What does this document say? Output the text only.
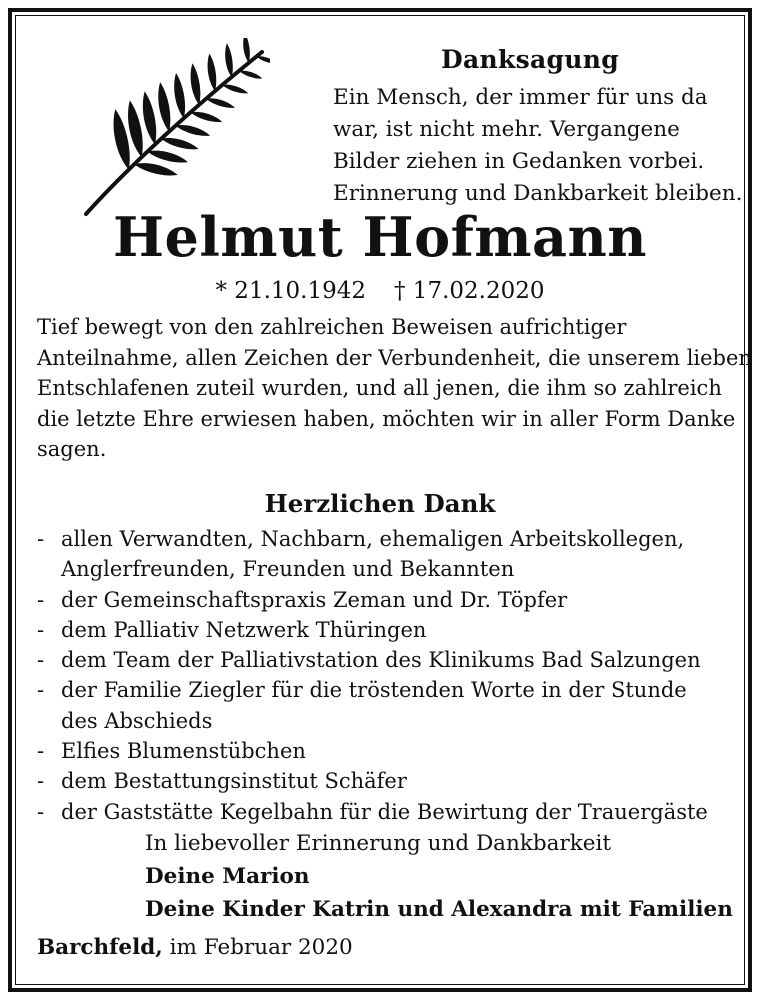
Danksagung
Ein Mensch, der immer für uns da
war, ist nicht mehr. Vergangene
Bilder ziehen in Gedanken vorbei.
Erinnerung und Dankbarkeit bleiben.
Helmut Hofmann
* 21.10.1942 † 17.02.2020
Tief bewegt von den zahlreichen Beweisen aufrichtiger
Anteilnahme, allen Zeichen der Verbundenheit, die unserem lieben
Entschlafenen zuteil wurden, und all jenen, die ihm so zahlreich
die letzte Ehre erwiesen haben, möchten wir in aller Form Danke
sagen.
Herzlichen Dank
- allen Verwandten, Nachbarn, ehemaligen Arbeitskollegen,
Anglerfreunden, Freunden und Bekannten
- der Gemeinschaftspraxis Zeman und Dr. Töpfer
- dem Palliativ Netzwerk Thüringen
- dem Team der Palliativstation des Klinikums Bad Salzungen
- der Familie Ziegler für die tröstenden Worte in der Stunde
des Abschieds
- Elfies Blumenstübchen
- dem Bestattungsinstitut Schäfer
- der Gaststätte Kegelbahn für die Bewirtung der Trauergäste
In liebevoller Erinnerung und Dankbarkeit
Deine Marion
Deine Kinder Katrin und Alexandra mit Familien
Barchfeld, im Februar 2020
